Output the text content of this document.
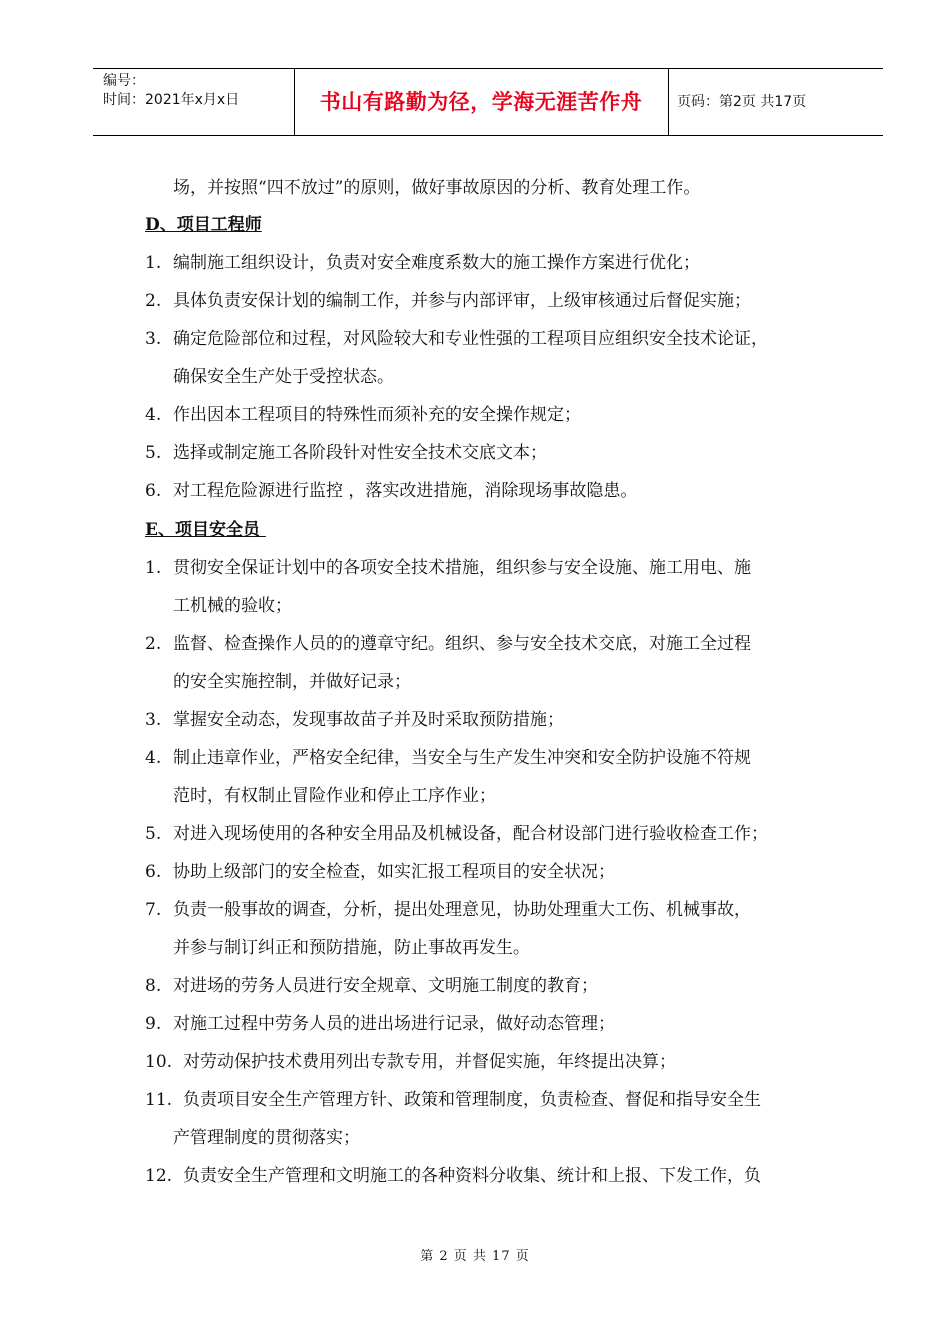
编号：
时间：2021年x月x日	书山有路勤为径，学海无涯苦作舟	页码：第2页 共17页
场，并按照“四不放过”的原则，做好事故原因的分析、教育处理工作。
D、项目工程师
E、项目安全员
1. 编制施工组织设计，负责对安全难度系数大的施工操作方案进行优化；
2. 具体负责安保计划的编制工作，并参与内部评审，上级审核通过后督促实施；
3. 确定危险部位和过程，对风险较大和专业性强的工程项目应组织安全技术论证，
确保安全生产处于受控状态。
4. 作出因本工程项目的特殊性而须补充的安全操作规定；
5. 选择或制定施工各阶段针对性安全技术交底文本；
6. 对工程危险源进行监控 ，落实改进措施，消除现场事故隐患。
1. 贯彻安全保证计划中的各项安全技术措施，组织参与安全设施、施工用电、施
工机械的验收；
2. 监督、检查操作人员的的遵章守纪。组织、参与安全技术交底，对施工全过程
的安全实施控制，并做好记录；
3. 掌握安全动态，发现事故苗子并及时采取预防措施；
4. 制止违章作业，严格安全纪律，当安全与生产发生冲突和安全防护设施不符规
范时，有权制止冒险作业和停止工序作业；
5. 对进入现场使用的各种安全用品及机械设备，配合材设部门进行验收检查工作；
6. 协助上级部门的安全检查，如实汇报工程项目的安全状况；
7. 负责一般事故的调查，分析，提出处理意见，协助处理重大工伤、机械事故，
并参与制订纠正和预防措施，防止事故再发生。
8. 对进场的劳务人员进行安全规章、文明施工制度的教育；
9. 对施工过程中劳务人员的进出场进行记录，做好动态管理；
10. 对劳动保护技术费用列出专款专用，并督促实施，年终提出决算；
11. 负责项目安全生产管理方针、政策和管理制度，负责检查、督促和指导安全生
产管理制度的贯彻落实；
12. 负责安全生产管理和文明施工的各种资料分收集、统计和上报、下发工作，负
第 2 页 共 17 页
